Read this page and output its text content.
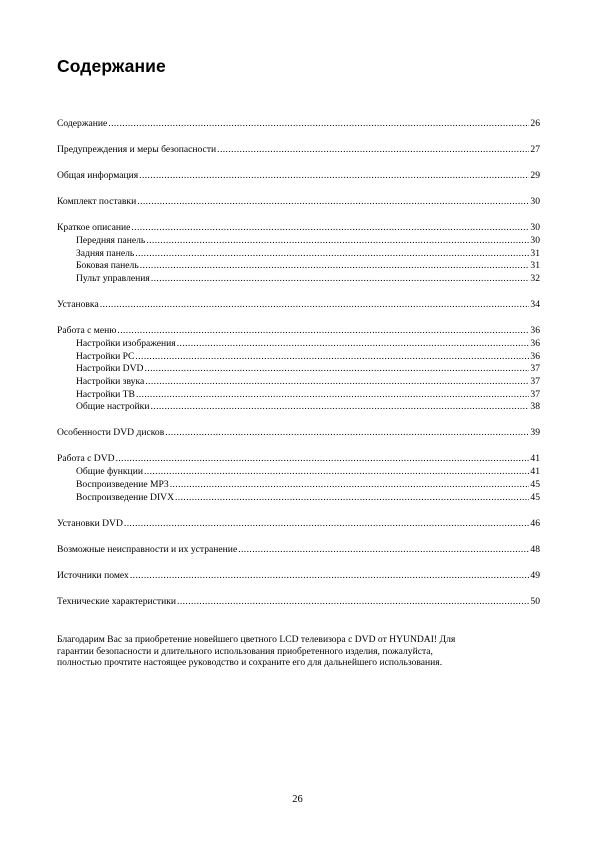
Содержание
Содержание .....	26
Предупреждения и меры безопасности .....	27
Общая информация .....	29
Комплект поставки .....	30
Краткое описание .....	30
Передняя панель .....	30
Задняя панель .....	31
Боковая панель .....	31
Пульт управления .....	32
Установка .....	34
Работа с меню .....	36
Настройки изображения .....	36
Настройки PC .....	36
Настройки DVD .....	37
Настройки звука .....	37
Настройки ТВ .....	37
Общие настройки .....	38
Особенности DVD дисков .....	39
Работа с DVD .....	41
Общие функции .....	41
Воспроизведение MP3 .....	45
Воспроизведение DIVX .....	45
Установки DVD .....	46
Возможные неисправности и их устранение .....	48
Источники помех .....	49
Технические характеристики .....	50

Благодарим Вас за приобретение новейшего цветного LCD телевизора с DVD от HYUNDAI! Для
гарантии безопасности и длительного использования приобретенного изделия, пожалуйста,
полностью прочтите настоящее руководство и сохраните его для дальнейшего использования.

26
